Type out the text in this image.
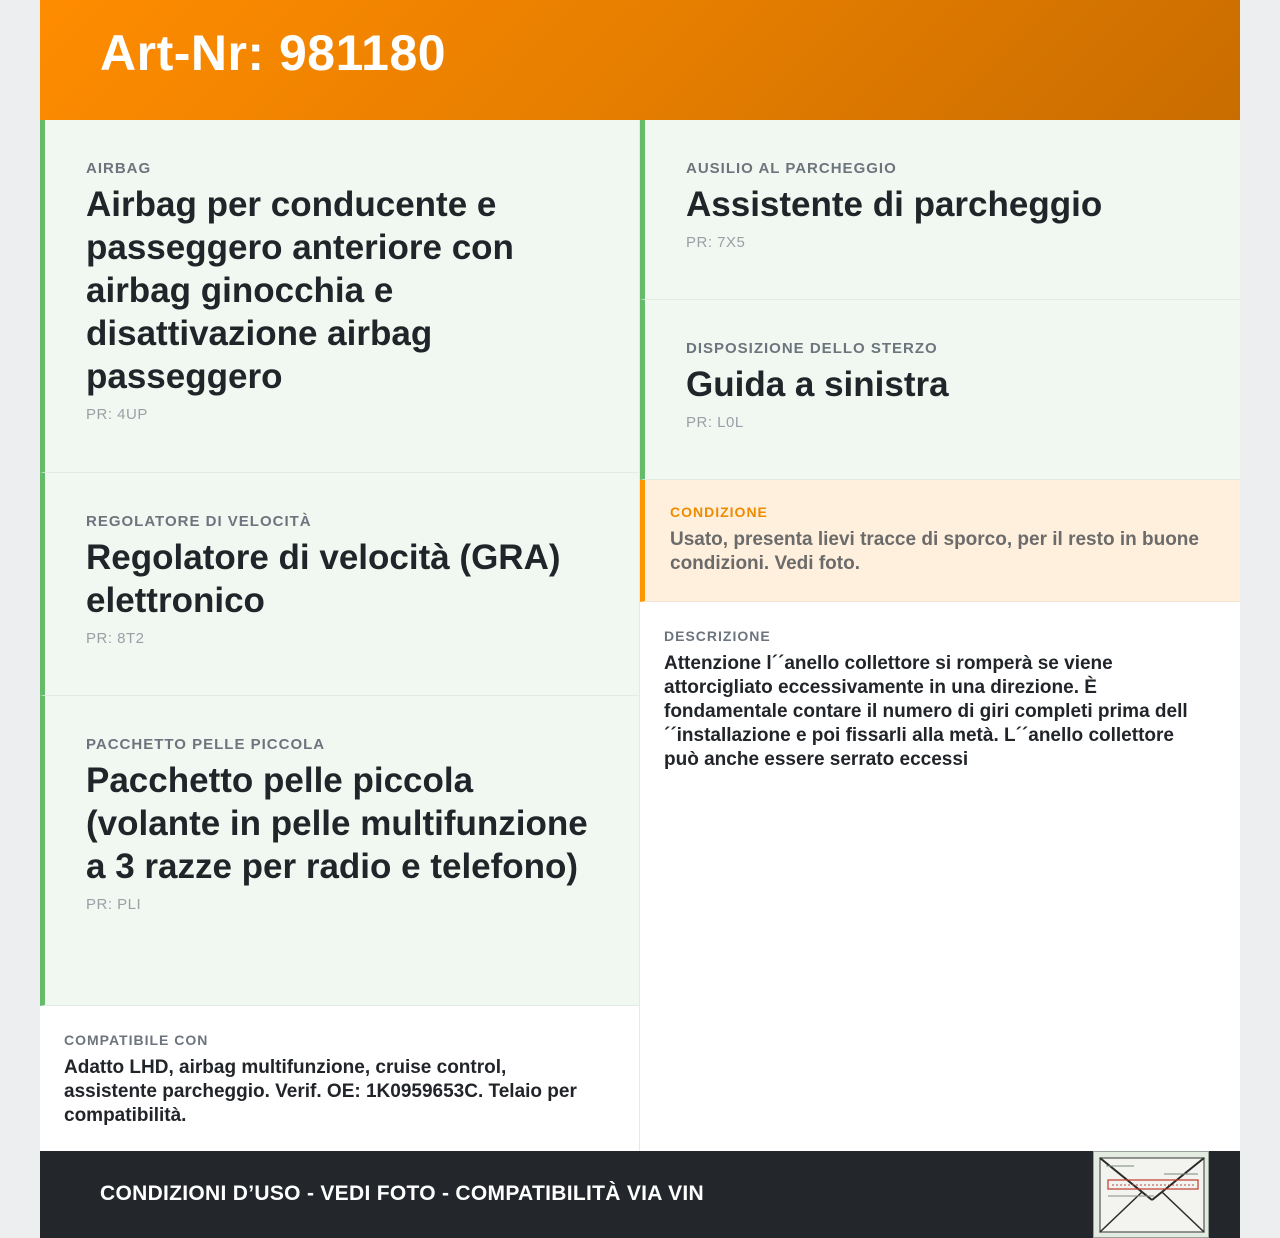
Art-Nr: 981180
AIRBAG
Airbag per conducente e passeggero anteriore con airbag ginocchia e disattivazione airbag passeggero
PR: 4UP
REGOLATORE DI VELOCITÀ
Regolatore di velocità (GRA) elettronico
PR: 8T2
PACCHETTO PELLE PICCOLA
Pacchetto pelle piccola (volante in pelle multifunzione a 3 razze per radio e telefono)
PR: PLI
COMPATIBILE CON
Adatto LHD, airbag multifunzione, cruise control, assistente parcheggio. Verif. OE: 1K0959653C. Telaio per compatibilità.
AUSILIO AL PARCHEGGIO
Assistente di parcheggio
PR: 7X5
DISPOSIZIONE DELLO STERZO
Guida a sinistra
PR: L0L
CONDIZIONE
Usato, presenta lievi tracce di sporco, per il resto in buone condizioni. Vedi foto.
DESCRIZIONE
Attenzione l´´anello collettore si romperà se viene attorcigliato eccessivamente in una direzione. È fondamentale contare il numero di giri completi prima dell´´installazione e poi fissarli alla metà. L´´anello collettore può anche essere serrato eccessi
CONDIZIONI D’USO - VEDI FOTO - COMPATIBILITÀ VIA VIN
